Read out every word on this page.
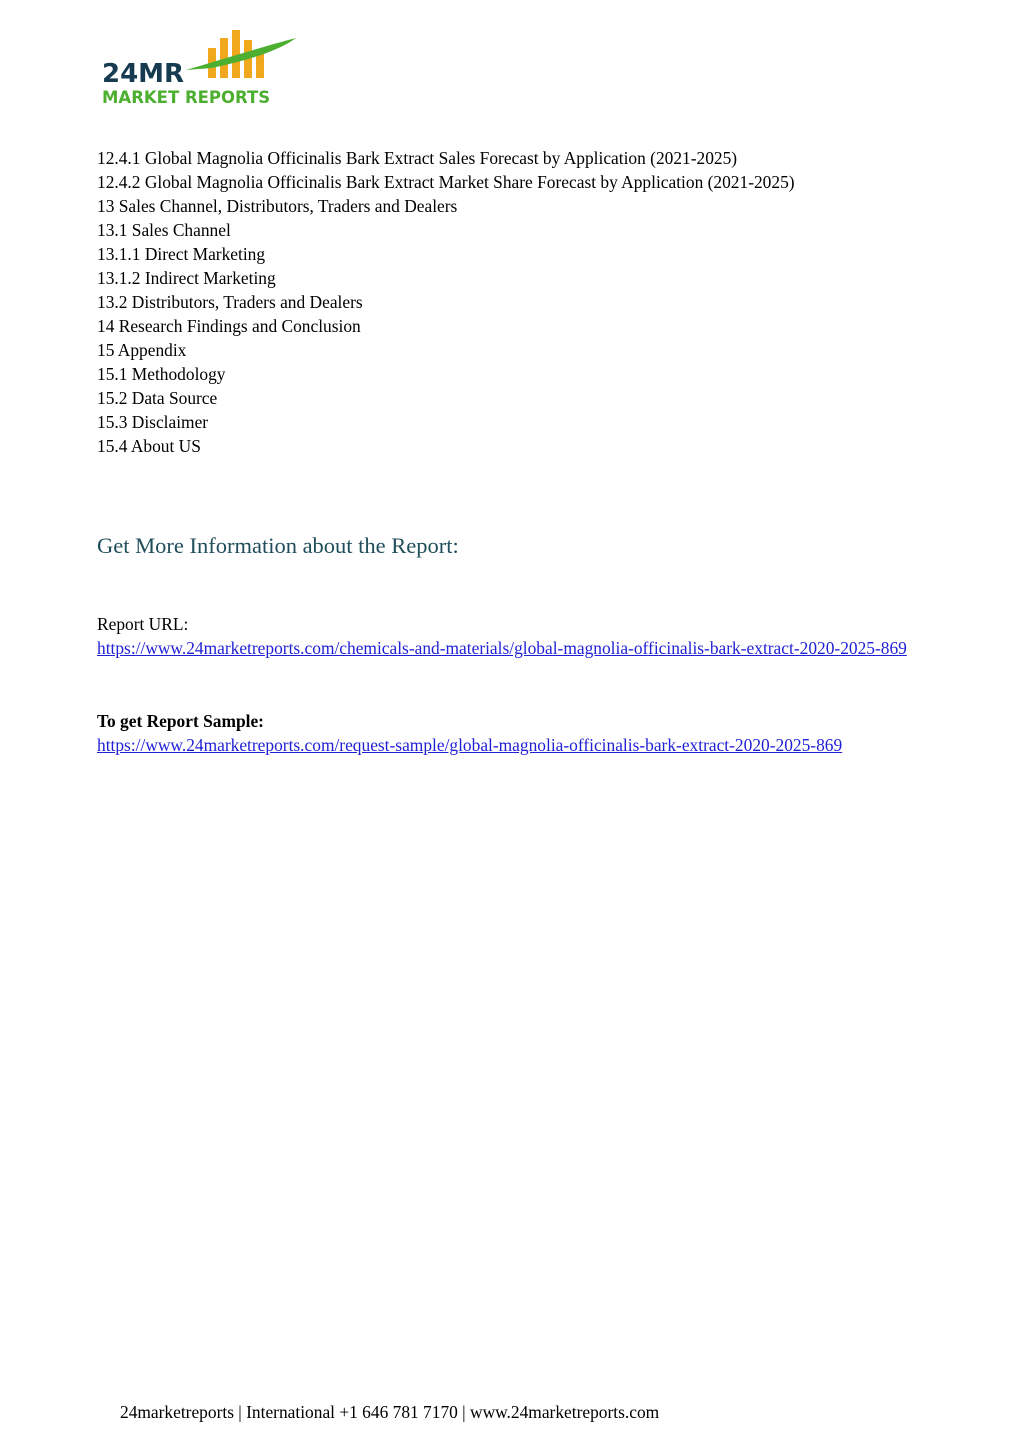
24MR
MARKET REPORTS
12.4.1 Global Magnolia Officinalis Bark Extract Sales Forecast by Application (2021-2025)
12.4.2 Global Magnolia Officinalis Bark Extract Market Share Forecast by Application (2021-2025)
13 Sales Channel, Distributors, Traders and Dealers
13.1 Sales Channel
13.1.1 Direct Marketing
13.1.2 Indirect Marketing
13.2 Distributors, Traders and Dealers
14 Research Findings and Conclusion
15 Appendix
15.1 Methodology
15.2 Data Source
15.3 Disclaimer
15.4 About US
Get More Information about the Report:
Report URL:
https://www.24marketreports.com/chemicals-and-materials/global-magnolia-officinalis-bark-extract-2020-2025-869
To get Report Sample:
https://www.24marketreports.com/request-sample/global-magnolia-officinalis-bark-extract-2020-2025-869
24marketreports | International +1 646 781 7170 | www.24marketreports.com
